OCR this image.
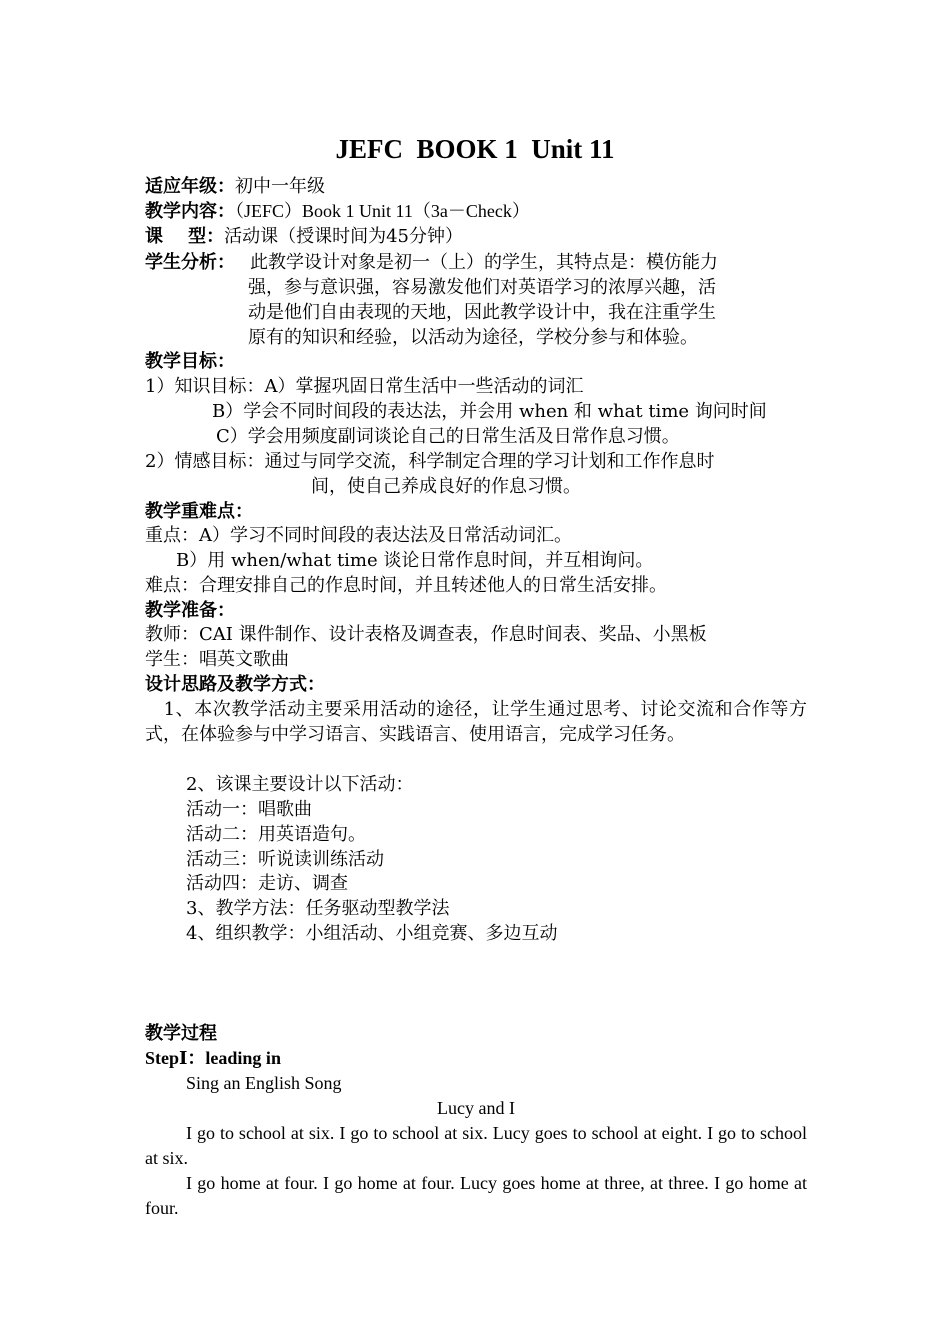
JEFC  BOOK 1  Unit 11
适应年级：初中一年级
教学内容：（JEFC）Book 1 Unit 11（3a－Check）
课    型：活动课（授课时间为45分钟）
学生分析： 此教学设计对象是初一（上）的学生，其特点是：模仿能力
强，参与意识强，容易激发他们对英语学习的浓厚兴趣，活
动是他们自由表现的天地，因此教学设计中，我在注重学生
原有的知识和经验，以活动为途径，学校分参与和体验。
教学目标：
1）知识目标：A）掌握巩固日常生活中一些活动的词汇
B）学会不同时间段的表达法，并会用 when 和 what time 询问时间
C）学会用频度副词谈论自己的日常生活及日常作息习惯。
2）情感目标：通过与同学交流，科学制定合理的学习计划和工作作息时
间，使自己养成良好的作息习惯。
教学重难点：
重点：A）学习不同时间段的表达法及日常活动词汇。
B）用 when/what time 谈论日常作息时间，并互相询问。
难点：合理安排自己的作息时间，并且转述他人的日常生活安排。
教学准备：
教师：CAI 课件制作、设计表格及调查表，作息时间表、奖品、小黑板
学生：唱英文歌曲
设计思路及教学方式：
　1、本次教学活动主要采用活动的途径，让学生通过思考、讨论交流和合作等方式，在体验参与中学习语言、实践语言、使用语言，完成学习任务。
2、该课主要设计以下活动：
活动一：唱歌曲
活动二：用英语造句。
活动三：听说读训练活动
活动四：走访、调查
3、教学方法：任务驱动型教学法
4、组织教学：小组活动、小组竞赛、多边互动
教学过程
StepⅠ：leading in
Sing an English Song
Lucy and I
I go to school at six. I go to school at six. Lucy goes to school at eight. I go to school at six.
I go home at four. I go home at four. Lucy goes home at three, at three. I go home at four.
